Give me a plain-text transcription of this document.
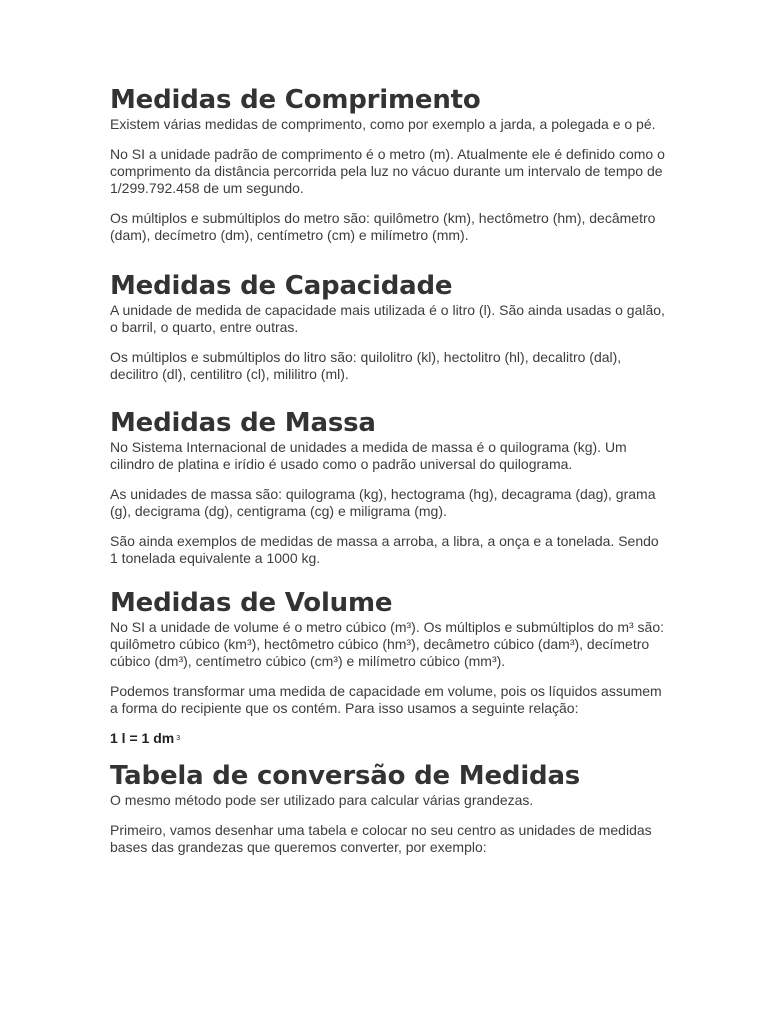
Medidas de Comprimento

Existem várias medidas de comprimento, como por exemplo a jarda, a polegada e o pé.

No SI a unidade padrão de comprimento é o metro (m). Atualmente ele é definido como o comprimento da distância percorrida pela luz no vácuo durante um intervalo de tempo de 1/299.792.458 de um segundo.

Os múltiplos e submúltiplos do metro são: quilômetro (km), hectômetro (hm), decâmetro (dam), decímetro (dm), centímetro (cm) e milímetro (mm).

Medidas de Capacidade

A unidade de medida de capacidade mais utilizada é o litro (l). São ainda usadas o galão, o barril, o quarto, entre outras.

Os múltiplos e submúltiplos do litro são: quilolitro (kl), hectolitro (hl), decalitro (dal), decilitro (dl), centilitro (cl), mililitro (ml).

Medidas de Massa

No Sistema Internacional de unidades a medida de massa é o quilograma (kg). Um cilindro de platina e irídio é usado como o padrão universal do quilograma.

As unidades de massa são: quilograma (kg), hectograma (hg), decagrama (dag), grama (g), decigrama (dg), centigrama (cg) e miligrama (mg).

São ainda exemplos de medidas de massa a arroba, a libra, a onça e a tonelada. Sendo 1 tonelada equivalente a 1000 kg.

Medidas de Volume

No SI a unidade de volume é o metro cúbico (m³). Os múltiplos e submúltiplos do m³ são: quilômetro cúbico (km³), hectômetro cúbico (hm³), decâmetro cúbico (dam³), decímetro cúbico (dm³), centímetro cúbico (cm³) e milímetro cúbico (mm³).

Podemos transformar uma medida de capacidade em volume, pois os líquidos assumem a forma do recipiente que os contém. Para isso usamos a seguinte relação:

1 l = 1 dm $^3$
Tabela de conversão de Medidas

O mesmo método pode ser utilizado para calcular várias grandezas.

Primeiro, vamos desenhar uma tabela e colocar no seu centro as unidades de medidas bases das grandezas que queremos converter, por exemplo:
